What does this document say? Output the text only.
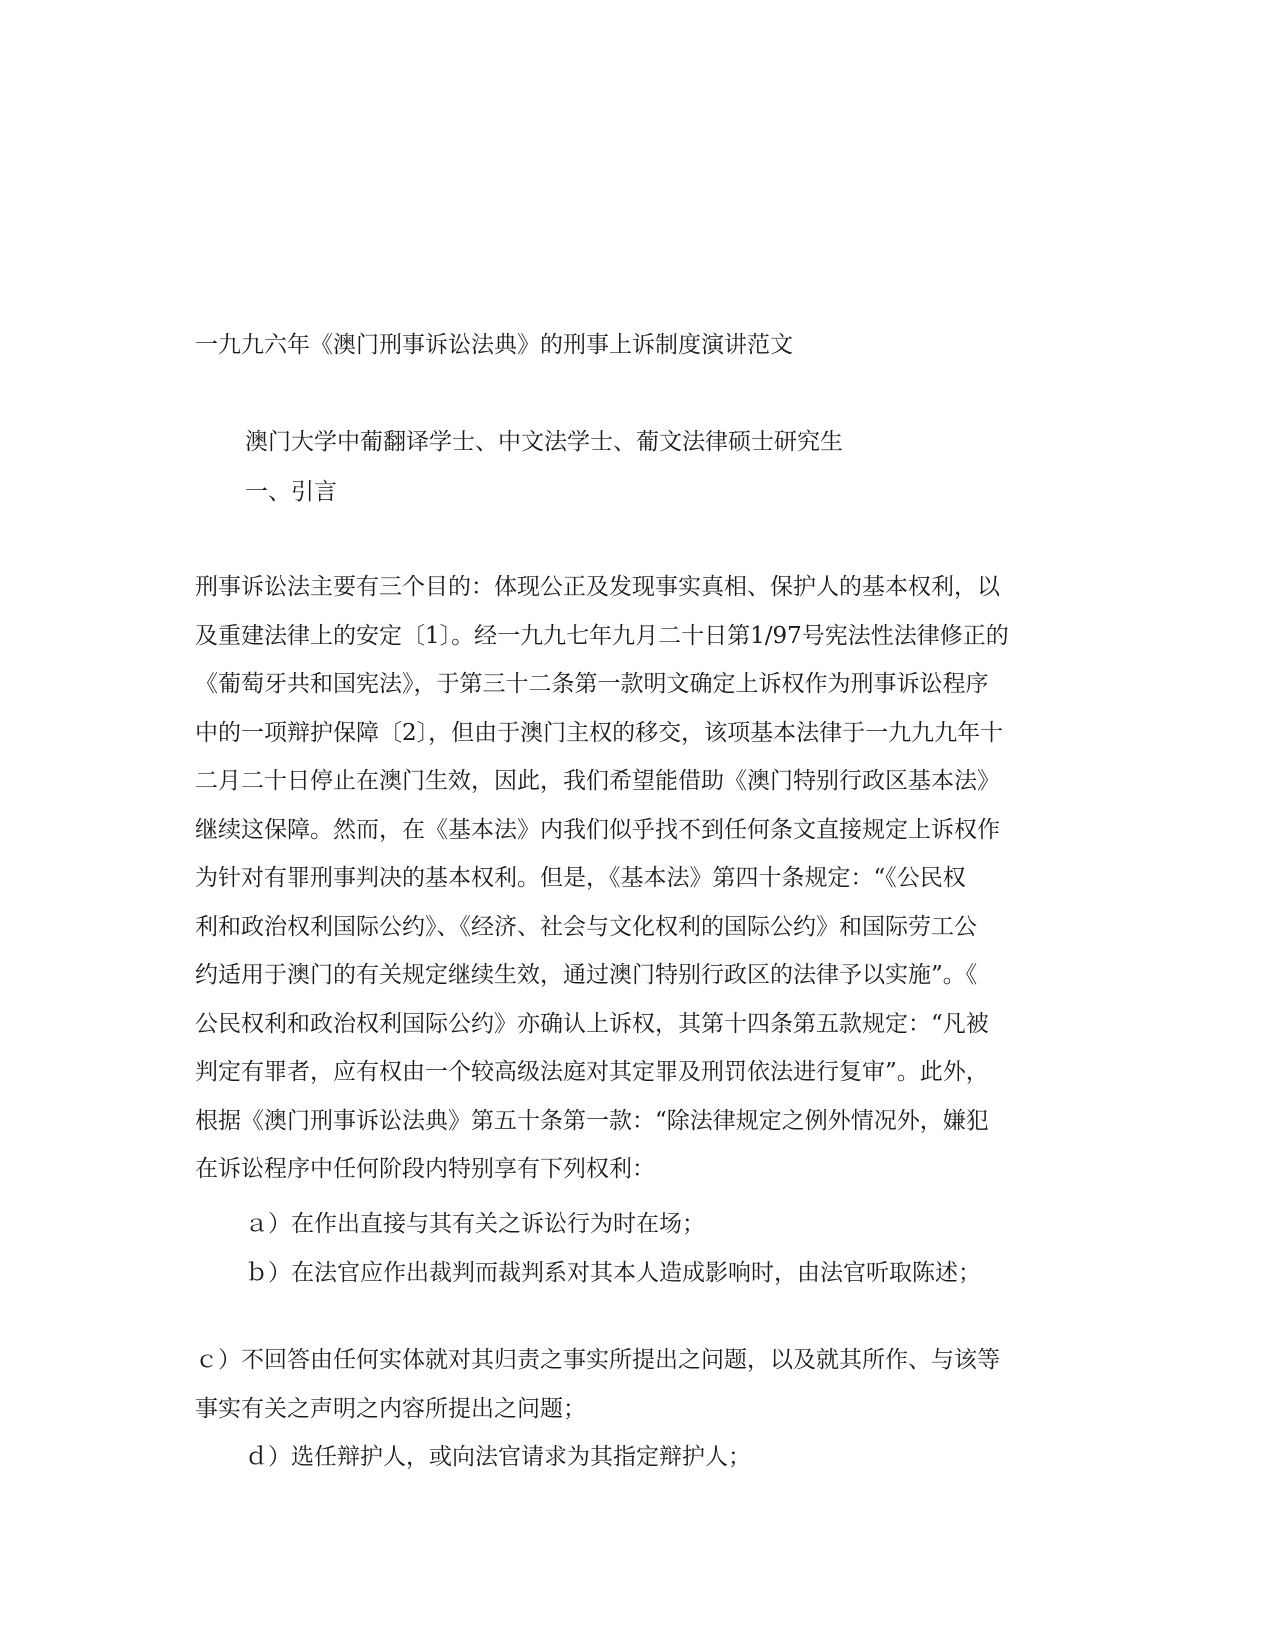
一九九六年《澳门刑事诉讼法典》的刑事上诉制度演讲范文
澳门大学中葡翻译学士、中文法学士、葡文法律硕士研究生
一、引言
刑事诉讼法主要有三个目的：体现公正及发现事实真相、保护人的基本权利，以
及重建法律上的安定〔1〕。经一九九七年九月二十日第1/97号宪法性法律修正的
《葡萄牙共和国宪法》，于第三十二条第一款明文确定上诉权作为刑事诉讼程序
中的一项辩护保障〔2〕，但由于澳门主权的移交，该项基本法律于一九九九年十
二月二十日停止在澳门生效，因此，我们希望能借助《澳门特别行政区基本法》
继续这保障。然而，在《基本法》内我们似乎找不到任何条文直接规定上诉权作
为针对有罪刑事判决的基本权利。但是，《基本法》第四十条规定：“《公民权
利和政治权利国际公约》、《经济、社会与文化权利的国际公约》和国际劳工公
约适用于澳门的有关规定继续生效，通过澳门特别行政区的法律予以实施”。《
公民权利和政治权利国际公约》亦确认上诉权，其第十四条第五款规定：“凡被
判定有罪者，应有权由一个较高级法庭对其定罪及刑罚依法进行复审”。此外，
根据《澳门刑事诉讼法典》第五十条第一款：“除法律规定之例外情况外，嫌犯
在诉讼程序中任何阶段内特别享有下列权利：
ａ）在作出直接与其有关之诉讼行为时在场；
ｂ）在法官应作出裁判而裁判系对其本人造成影响时，由法官听取陈述；
ｃ）不回答由任何实体就对其归责之事实所提出之问题，以及就其所作、与该等
事实有关之声明之内容所提出之问题；
ｄ）选任辩护人，或向法官请求为其指定辩护人；
